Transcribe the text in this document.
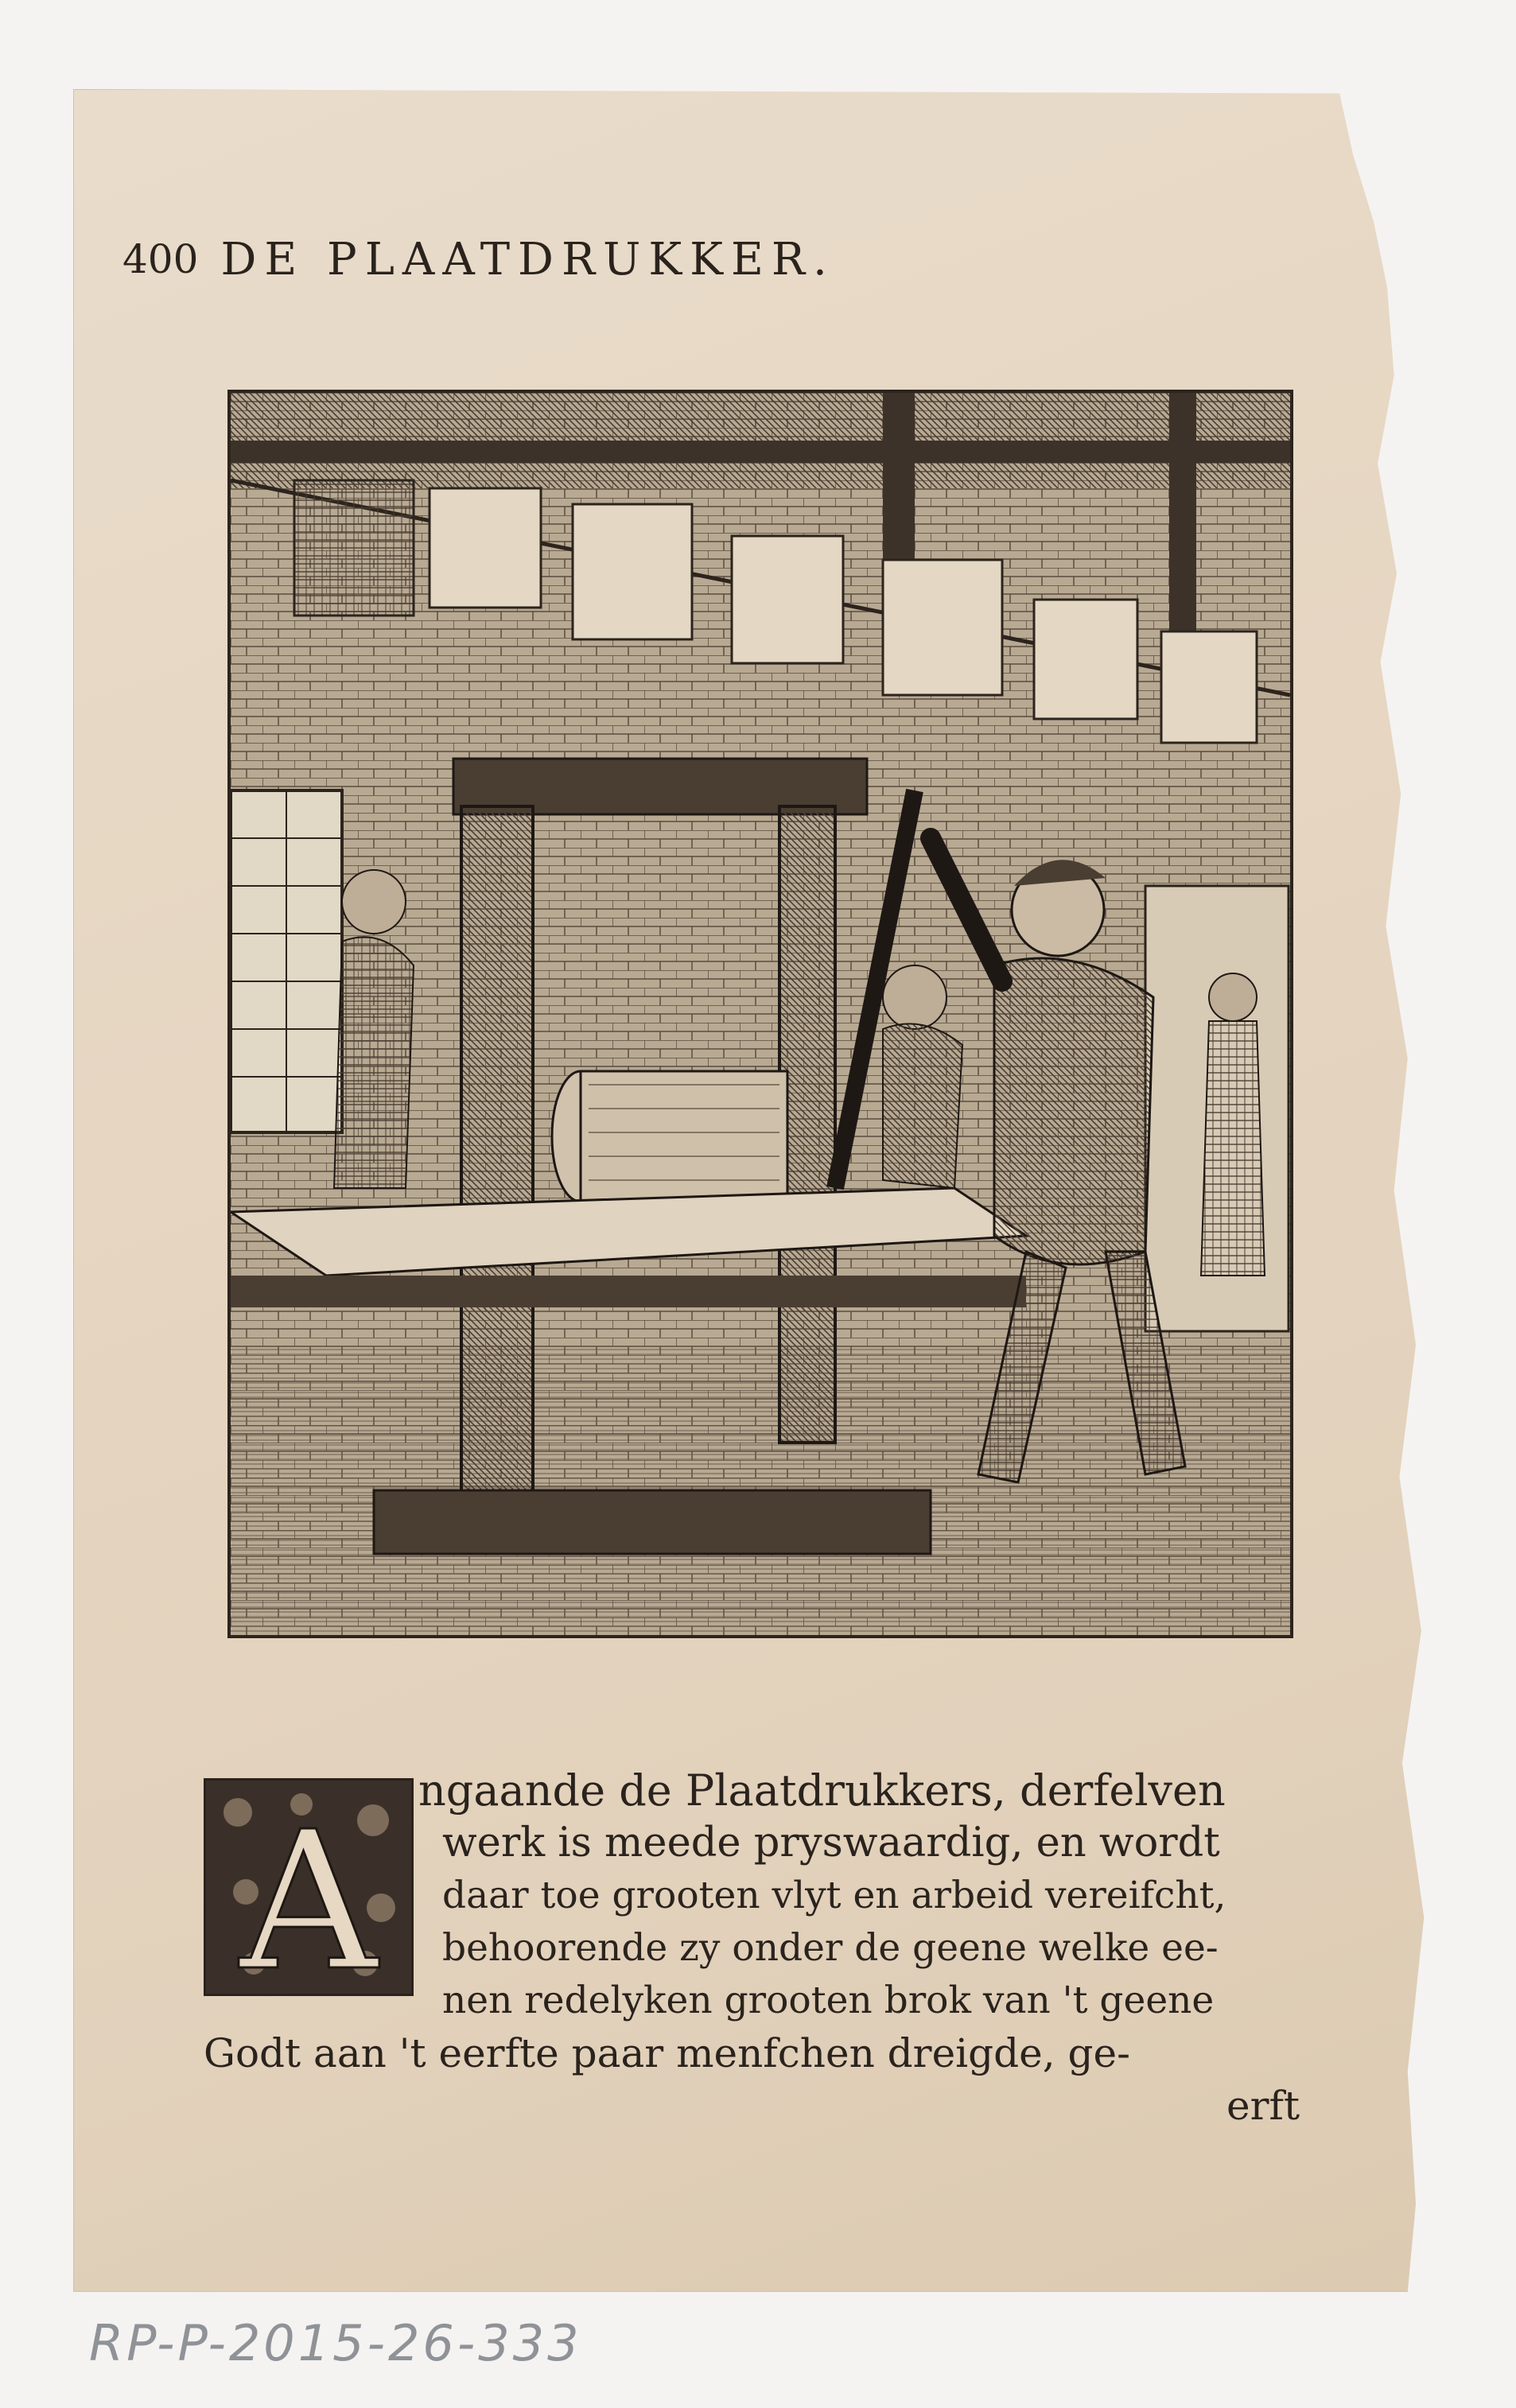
400 DE PLAATDRUKKER.
A ngaande de Plaatdrukkers, derfelven
werk is meede pryswaardig, en wordt
daar toe grooten vlyt en arbeid vereifcht,
behoorende zy onder de geene welke ee-
nen redelyken grooten brok van 't geene
Godt aan 't eerfte paar menfchen dreigde, ge-
erft
RP-P-2015-26-333
